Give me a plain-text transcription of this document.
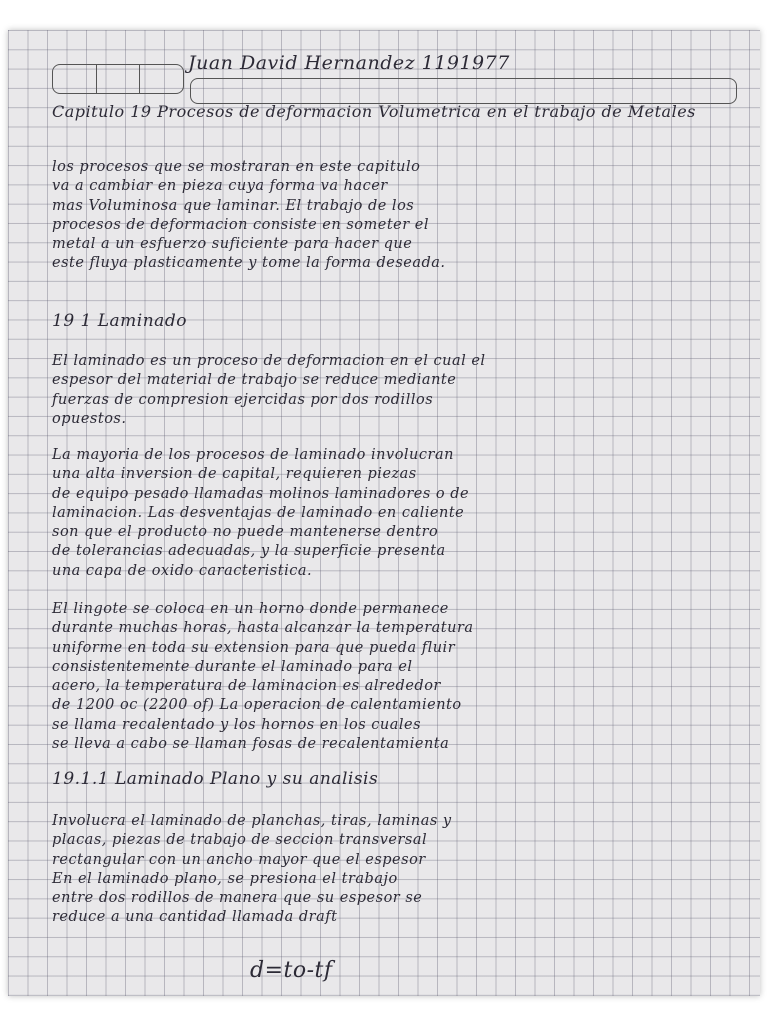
Juan David Hernandez 1191977
Capitulo 19 Procesos de deformacion Volumetrica en el trabajo de Metales
los procesos que se mostraran en este capitulo
va a cambiar en pieza cuya forma va hacer
mas Voluminosa que laminar. El trabajo de los
procesos de deformacion consiste en someter el
metal a un esfuerzo suficiente para hacer que
este fluya plasticamente y tome la forma deseada.
19 1 Laminado
El laminado es un proceso de deformacion en el cual el
espesor del material de trabajo se reduce mediante
fuerzas de compresion ejercidas por dos rodillos
opuestos.
La mayoria de los procesos de laminado involucran
una alta inversion de capital, requieren piezas
de equipo pesado llamadas molinos laminadores o de
laminacion. Las desventajas de laminado en caliente
son que el producto no puede mantenerse dentro
de tolerancias adecuadas, y la superficie presenta
una capa de oxido caracteristica.
El lingote se coloca en un horno donde permanece
durante muchas horas, hasta alcanzar la temperatura
uniforme en toda su extension para que pueda fluir
consistentemente durante el laminado para el
acero, la temperatura de laminacion es alrededor
de 1200 oc (2200 of) La operacion de calentamiento
se llama recalentado y los hornos en los cuales
se lleva a cabo se llaman fosas de recalentamienta
19.1.1 Laminado Plano y su analisis
Involucra el laminado de planchas, tiras, laminas y
placas, piezas de trabajo de seccion transversal
rectangular con un ancho mayor que el espesor
En el laminado plano, se presiona el trabajo
entre dos rodillos de manera que su espesor se
reduce a una cantidad llamada draft
d=to-tf
